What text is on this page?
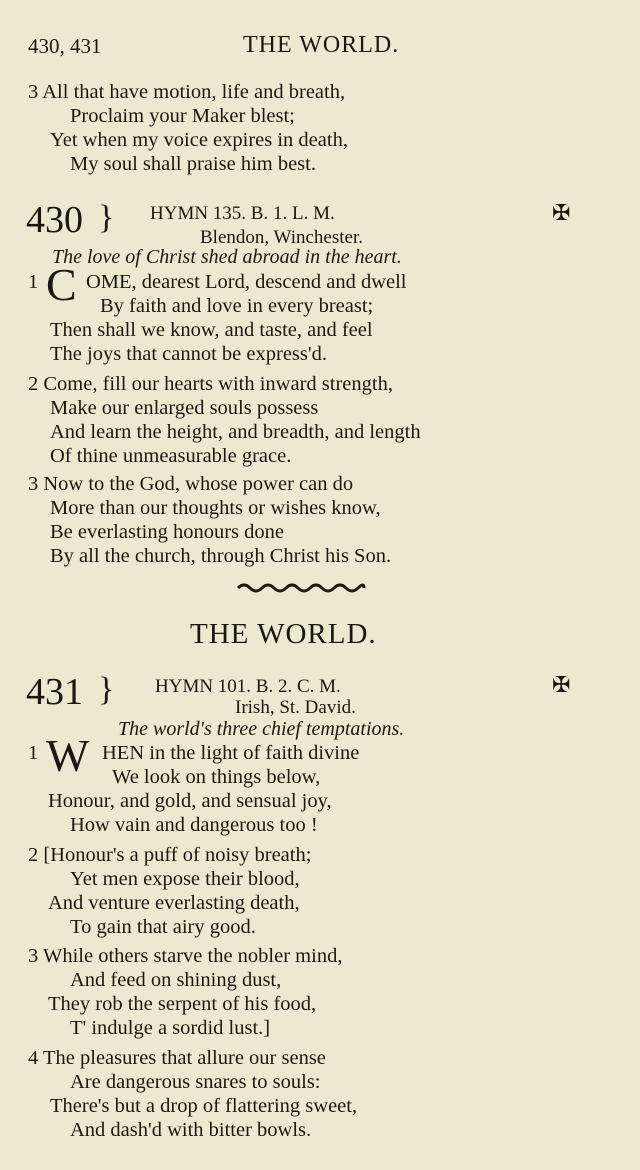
430, 431	THE WORLD.
3 All that have motion, life and breath,
Proclaim your Maker blest;
Yet when my voice expires in death,
My soul shall praise him best.
430 } HYMN 135. B. 1. L. M.	✠
Blendon, Winchester.
The love of Christ shed abroad in the heart.
1 C OME, dearest Lord, descend and dwell
By faith and love in every breast;
Then shall we know, and taste, and feel
The joys that cannot be express'd.
2 Come, fill our hearts with inward strength,
Make our enlarged souls possess
And learn the height, and breadth, and length
Of thine unmeasurable grace.
3 Now to the God, whose power can do
More than our thoughts or wishes know,
Be everlasting honours done
By all the church, through Christ his Son.
THE WORLD.
431 } HYMN 101. B. 2. C. M.	✠
Irish, St. David.
The world's three chief temptations.
1 W HEN in the light of faith divine
We look on things below,
Honour, and gold, and sensual joy,
How vain and dangerous too !
2 [Honour's a puff of noisy breath;
Yet men expose their blood,
And venture everlasting death,
To gain that airy good.
3 While others starve the nobler mind,
And feed on shining dust,
They rob the serpent of his food,
T' indulge a sordid lust.]
4 The pleasures that allure our sense
Are dangerous snares to souls:
There's but a drop of flattering sweet,
And dash'd with bitter bowls.
